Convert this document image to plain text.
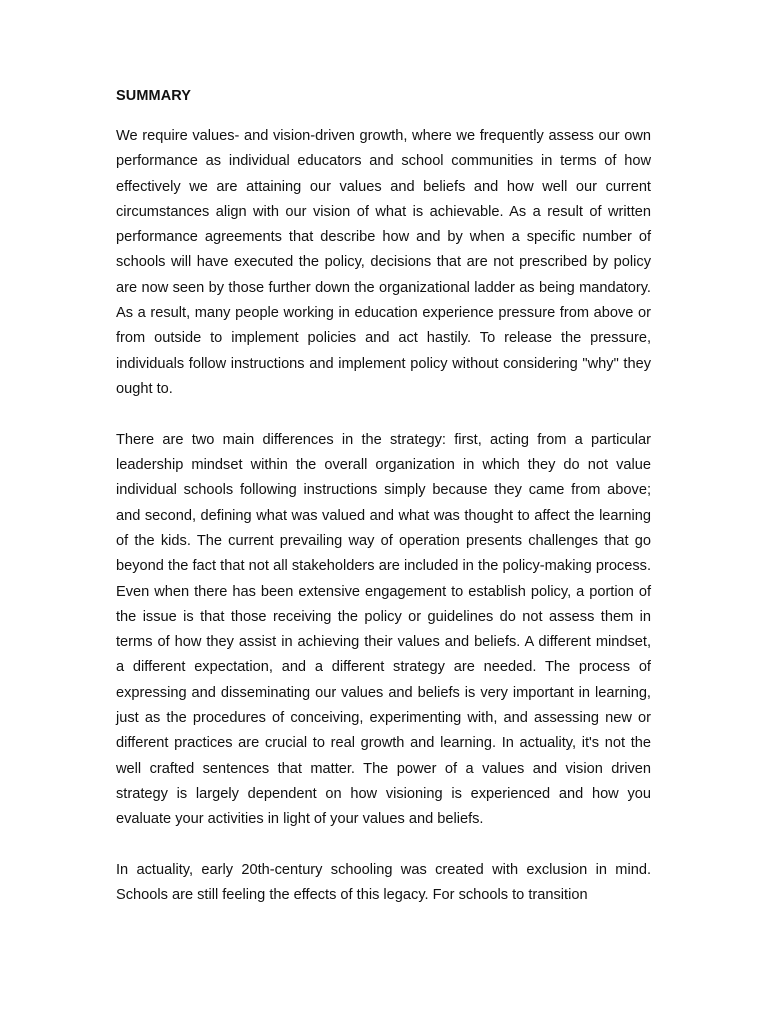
SUMMARY

We require values- and vision-driven growth, where we frequently assess our own performance as individual educators and school communities in terms of how effectively we are attaining our values and beliefs and how well our current circumstances align with our vision of what is achievable. As a result of written performance agreements that describe how and by when a specific number of schools will have executed the policy, decisions that are not prescribed by policy are now seen by those further down the organizational ladder as being mandatory. As a result, many people working in education experience pressure from above or from outside to implement policies and act hastily. To release the pressure, individuals follow instructions and implement policy without considering "why" they ought to.

There are two main differences in the strategy: first, acting from a particular leadership mindset within the overall organization in which they do not value individual schools following instructions simply because they came from above; and second, defining what was valued and what was thought to affect the learning of the kids. The current prevailing way of operation presents challenges that go beyond the fact that not all stakeholders are included in the policy-making process. Even when there has been extensive engagement to establish policy, a portion of the issue is that those receiving the policy or guidelines do not assess them in terms of how they assist in achieving their values and beliefs. A different mindset, a different expectation, and a different strategy are needed. The process of expressing and disseminating our values and beliefs is very important in learning, just as the procedures of conceiving, experimenting with, and assessing new or different practices are crucial to real growth and learning. In actuality, it's not the well crafted sentences that matter. The power of a values and vision driven strategy is largely dependent on how visioning is experienced and how you evaluate your activities in light of your values and beliefs.

In actuality, early 20th-century schooling was created with exclusion in mind. Schools are still feeling the effects of this legacy. For schools to transition
